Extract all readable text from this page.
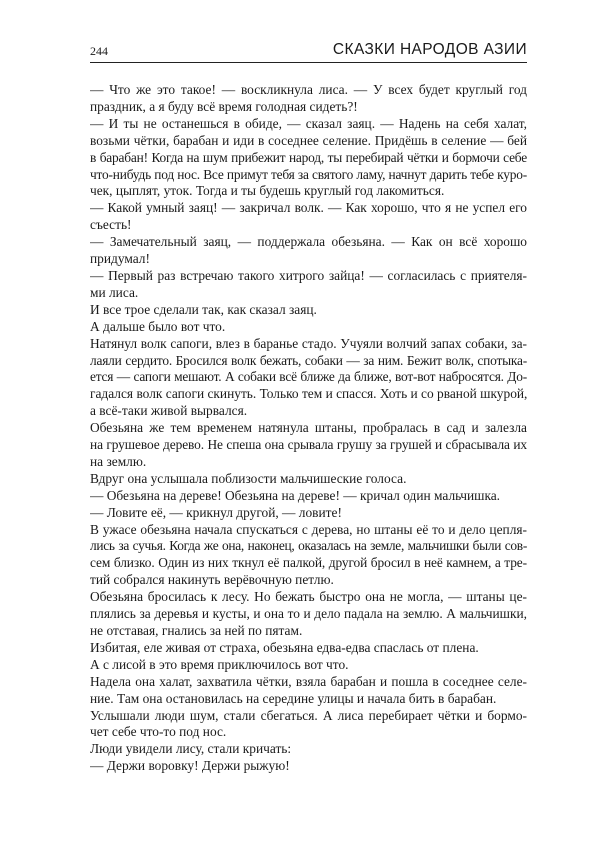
244	СКАЗКИ НАРОДОВ АЗИИ

— Что же это такое! — воскликнула лиса. — У всех будет круглый год
праздник, а я буду всё время голодная сидеть?!

— И ты не останешься в обиде, — сказал заяц. — Надень на себя халат,
возьми чётки, барабан и иди в соседнее селение. Придёшь в селение — бей
в барабан! Когда на шум прибежит народ, ты перебирай чётки и бормочи себе
что-нибудь под нос. Все примут тебя за святого ламу, начнут дарить тебе куро-
чек, цыплят, уток. Тогда и ты будешь круглый год лакомиться.

— Какой умный заяц! — закричал волк. — Как хорошо, что я не успел его
съесть!

— Замечательный заяц, — поддержала обезьяна. — Как он всё хорошо
придумал!

— Первый раз встречаю такого хитрого зайца! — согласилась с приятеля-
ми лиса.

И все трое сделали так, как сказал заяц.

А дальше было вот что.

Натянул волк сапоги, влез в баранье стадо. Учуяли волчий запах собаки, за-
лаяли сердито. Бросился волк бежать, собаки — за ним. Бежит волк, спотыка-
ется — сапоги мешают. А собаки всё ближе да ближе, вот-вот набросятся. До-
гадался волк сапоги скинуть. Только тем и спасся. Хоть и со рваной шкурой,
а всё-таки живой вырвался.

Обезьяна же тем временем натянула штаны, пробралась в сад и залезла
на грушевое дерево. Не спеша она срывала грушу за грушей и сбрасывала их
на землю.

Вдруг она услышала поблизости мальчишеские голоса.

— Обезьяна на дереве! Обезьяна на дереве! — кричал один мальчишка.

— Ловите её, — крикнул другой, — ловите!

В ужасе обезьяна начала спускаться с дерева, но штаны её то и дело цепля-
лись за сучья. Когда же она, наконец, оказалась на земле, мальчишки были сов-
сем близко. Один из них ткнул её палкой, другой бросил в неё камнем, а тре-
тий собрался накинуть верёвочную петлю.

Обезьяна бросилась к лесу. Но бежать быстро она не могла, — штаны це-
плялись за деревья и кусты, и она то и дело падала на землю. А мальчишки,
не отставая, гнались за ней по пятам.

Избитая, еле живая от страха, обезьяна едва-едва спаслась от плена.

А с лисой в это время приключилось вот что.

Надела она халат, захватила чётки, взяла барабан и пошла в соседнее селе-
ние. Там она остановилась на середине улицы и начала бить в барабан.

Услышали люди шум, стали сбегаться. А лиса перебирает чётки и бормо-
чет себе что-то под нос.

Люди увидели лису, стали кричать:

— Держи воровку! Держи рыжую!
